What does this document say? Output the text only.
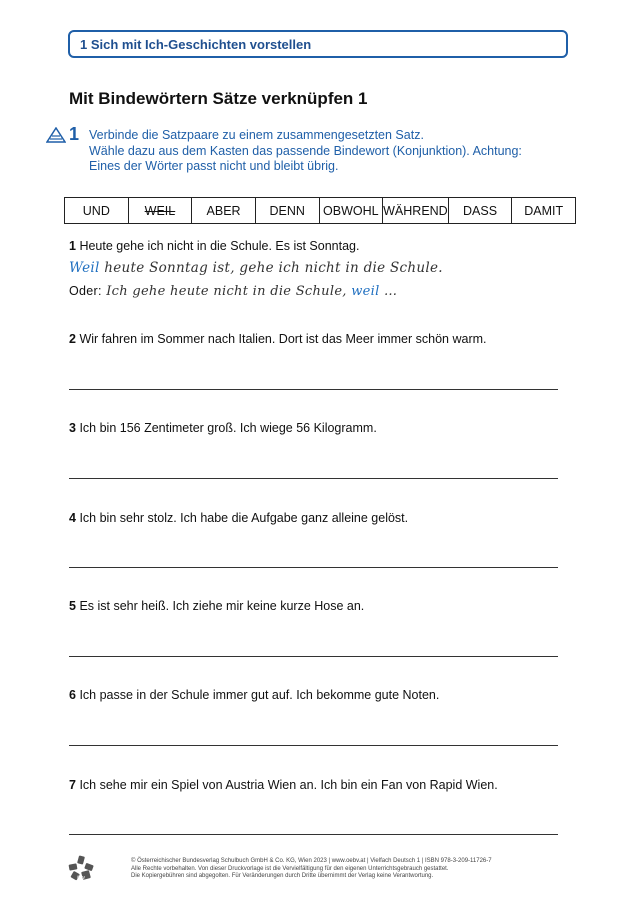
1 Sich mit Ich-Geschichten vorstellen
Mit Bindewörtern Sätze verknüpfen 1
1 Verbinde die Satzpaare zu einem zusammengesetzten Satz.
Wähle dazu aus dem Kasten das passende Bindewort (Konjunktion). Achtung:
Eines der Wörter passt nicht und bleibt übrig.
UND	WEIL	ABER	DENN	OBWOHL WÄHREND	DASS	DAMIT
1 Heute gehe ich nicht in die Schule. Es ist Sonntag.
Weil heute Sonntag ist, gehe ich nicht in die Schule.
Oder: Ich gehe heute nicht in die Schule, weil …
2 Wir fahren im Sommer nach Italien. Dort ist das Meer immer schön warm.
3 Ich bin 156 Zentimeter groß. Ich wiege 56 Kilogramm.
4 Ich bin sehr stolz. Ich habe die Aufgabe ganz alleine gelöst.
5 Es ist sehr heiß. Ich ziehe mir keine kurze Hose an.
6 Ich passe in der Schule immer gut auf. Ich bekomme gute Noten.
7 Ich sehe mir ein Spiel von Austria Wien an. Ich bin ein Fan von Rapid Wien.
öbv
© Österreichischer Bundesverlag Schulbuch GmbH & Co. KG, Wien 2023 | www.oebv.at | Vielfach Deutsch 1 | ISBN 978-3-209-11726-7
Alle Rechte vorbehalten. Von dieser Druckvorlage ist die Vervielfältigung für den eigenen Unterrichtsgebrauch gestattet.
Die Kopiergebühren sind abgegolten. Für Veränderungen durch Dritte übernimmt der Verlag keine Verantwortung.
